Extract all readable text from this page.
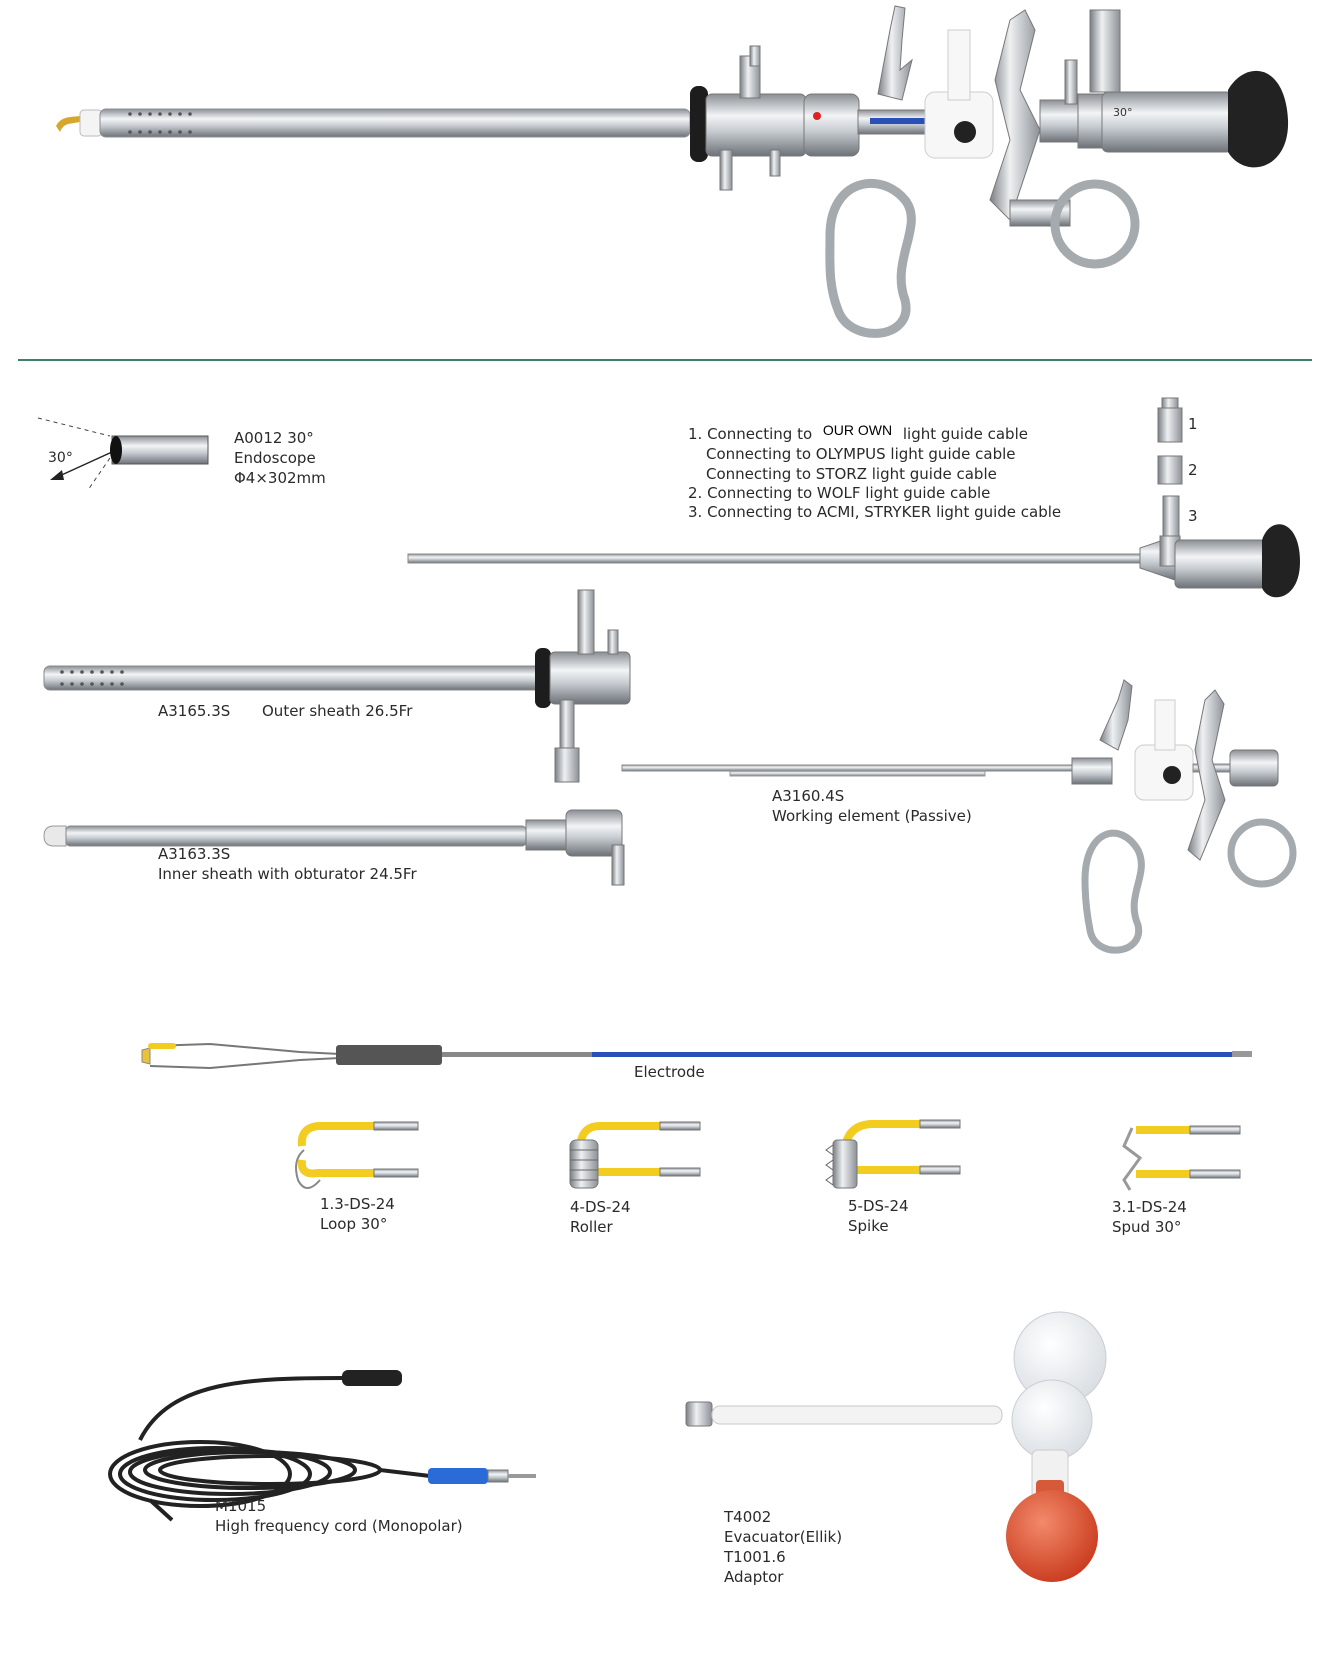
30°
30°
A0012 30°
Endoscope
Φ4×302mm
1. Connecting to OUR OWN light guide cable
Connecting to OLYMPUS light guide cable
Connecting to STORZ light guide cable
2. Connecting to WOLF light guide cable
3. Connecting to ACMI, STRYKER light guide cable
1
2
3
A3165.3S Outer sheath 26.5Fr
A3163.3S
Inner sheath with obturator 24.5Fr
A3160.4S
Working element (Passive)
Electrode
1.3-DS-24
Loop 30°
4-DS-24
Roller
5-DS-24
Spike
3.1-DS-24
Spud 30°
M1015
High frequency cord (Monopolar)	T4002
Evacuator(Ellik)
T1001.6
Adaptor
